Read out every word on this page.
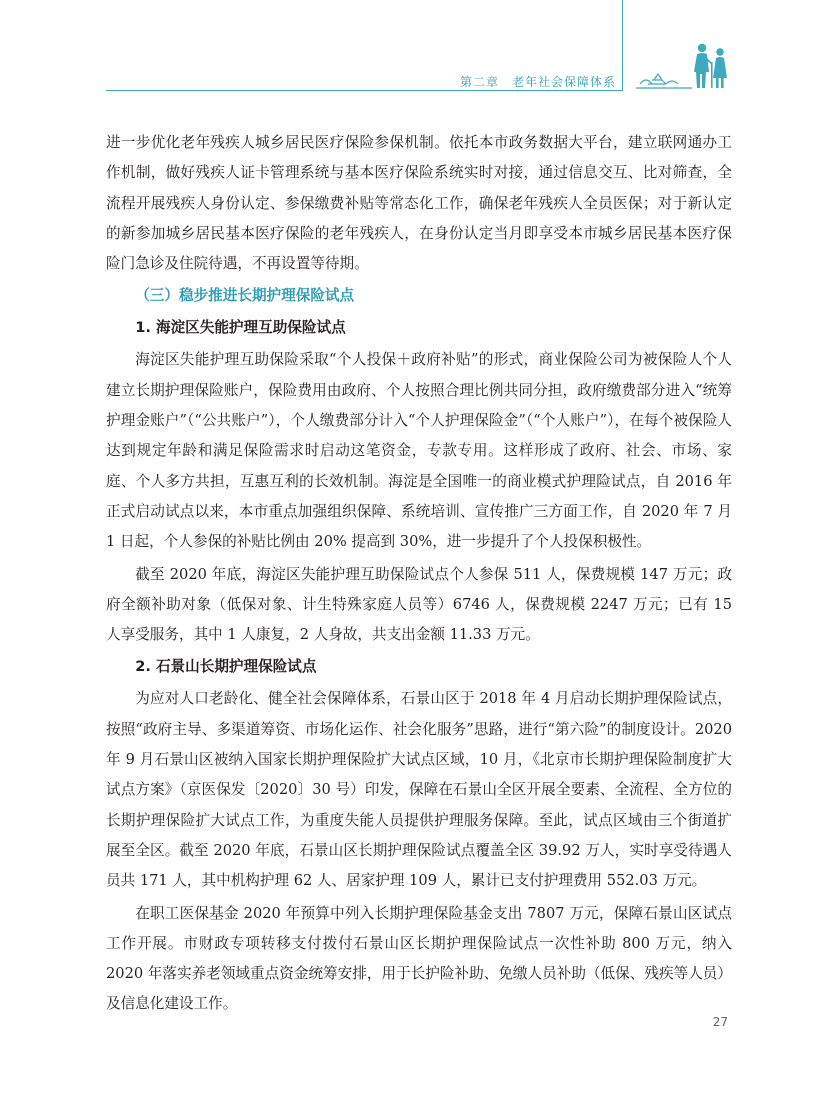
第二章　老年社会保障体系

进一步优化老年残疾人城乡居民医疗保险参保机制。依托本市政务数据大平台，建立联网通办工作机制，做好残疾人证卡管理系统与基本医疗保险系统实时对接，通过信息交互、比对筛查，全流程开展残疾人身份认定、参保缴费补贴等常态化工作，确保老年残疾人全员医保；对于新认定的新参加城乡居民基本医疗保险的老年残疾人，在身份认定当月即享受本市城乡居民基本医疗保险门急诊及住院待遇，不再设置等待期。

（三）稳步推进长期护理保险试点
1. 海淀区失能护理互助保险试点

海淀区失能护理互助保险采取“个人投保＋政府补贴”的形式，商业保险公司为被保险人个人建立长期护理保险账户，保险费用由政府、个人按照合理比例共同分担，政府缴费部分进入“统筹护理金账户”（“公共账户”），个人缴费部分计入“个人护理保险金”（“个人账户”），在每个被保险人达到规定年龄和满足保险需求时启动这笔资金，专款专用。这样形成了政府、社会、市场、家庭、个人多方共担，互惠互利的长效机制。海淀是全国唯一的商业模式护理险试点，自 2016 年正式启动试点以来，本市重点加强组织保障、系统培训、宣传推广三方面工作，自 2020 年 7 月 1 日起，个人参保的补贴比例由 20% 提高到 30%，进一步提升了个人投保积极性。

截至 2020 年底，海淀区失能护理互助保险试点个人参保 511 人，保费规模 147 万元；政府全额补助对象（低保对象、计生特殊家庭人员等）6746 人，保费规模 2247 万元；已有 15 人享受服务，其中 1 人康复，2 人身故，共支出金额 11.33 万元。

2. 石景山长期护理保险试点

为应对人口老龄化、健全社会保障体系，石景山区于 2018 年 4 月启动长期护理保险试点，按照“政府主导、多渠道筹资、市场化运作、社会化服务”思路，进行“第六险”的制度设计。2020 年 9 月石景山区被纳入国家长期护理保险扩大试点区域，10 月，《北京市长期护理保险制度扩大试点方案》（京医保发〔2020〕30 号）印发，保障在石景山全区开展全要素、全流程、全方位的长期护理保险扩大试点工作，为重度失能人员提供护理服务保障。至此，试点区域由三个街道扩展至全区。截至 2020 年底，石景山区长期护理保险试点覆盖全区 39.92 万人，实时享受待遇人员共 171 人，其中机构护理 62 人、居家护理 109 人，累计已支付护理费用 552.03 万元。

在职工医保基金 2020 年预算中列入长期护理保险基金支出 7807 万元，保障石景山区试点工作开展。市财政专项转移支付拨付石景山区长期护理保险试点一次性补助 800 万元，纳入 2020 年落实养老领域重点资金统筹安排，用于长护险补助、免缴人员补助（低保、残疾等人员）及信息化建设工作。

27
